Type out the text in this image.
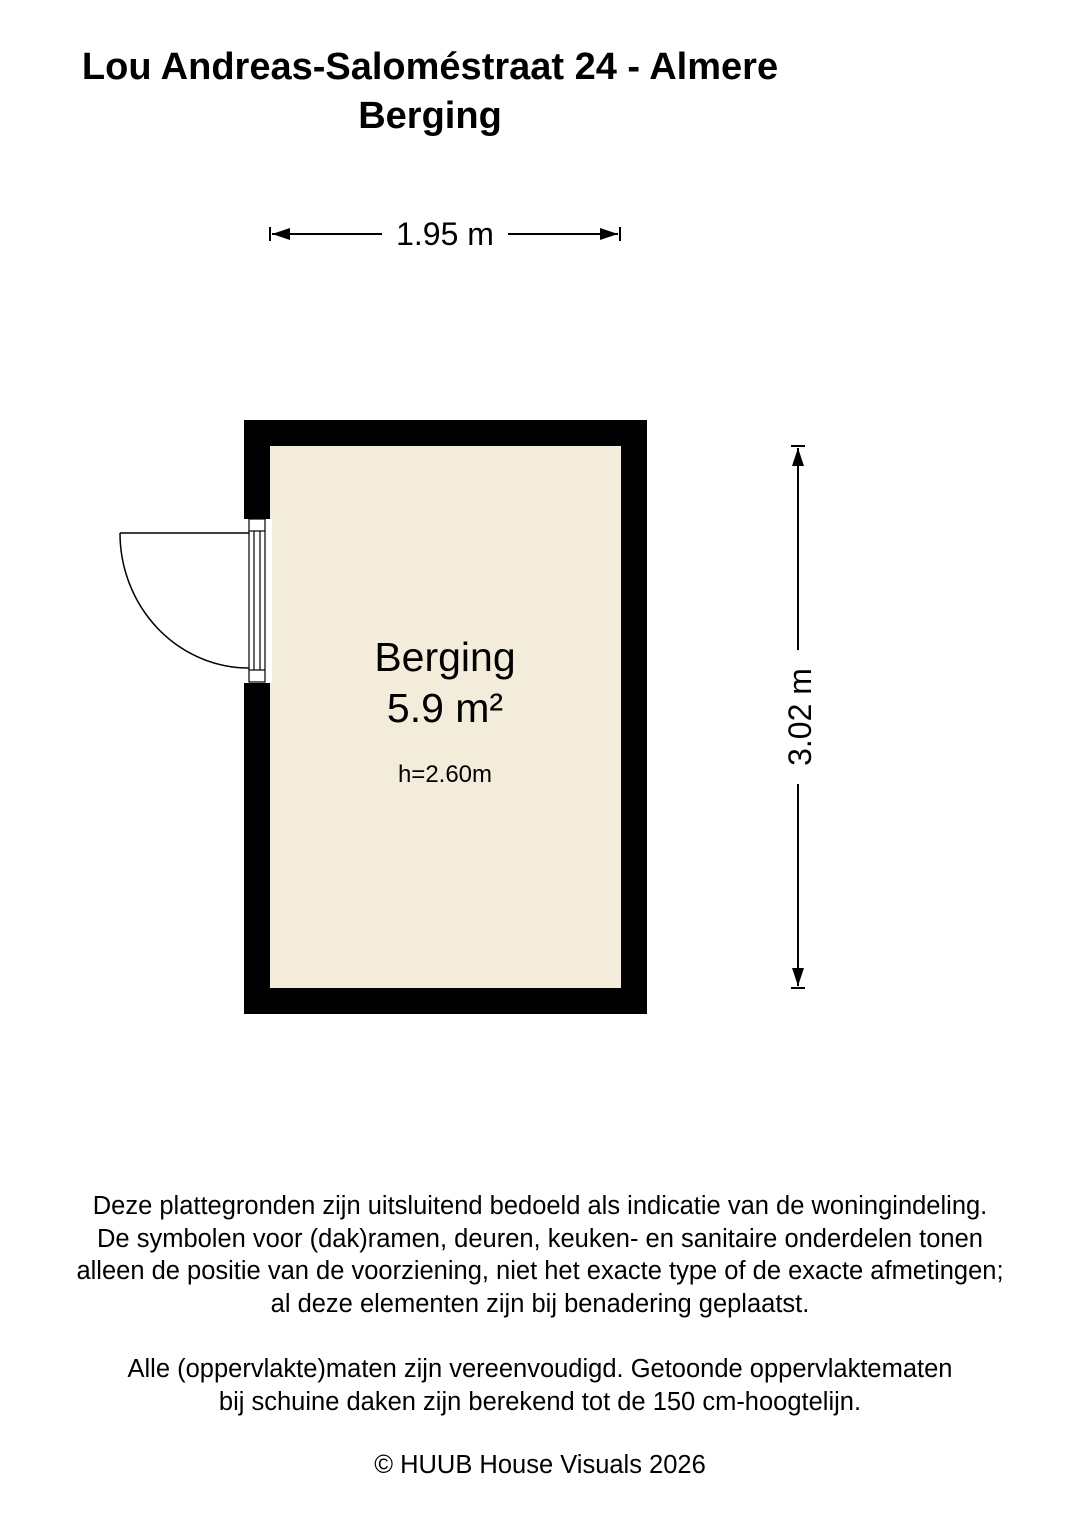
Lou Andreas-Saloméstraat 24 - Almere
Berging
1.95 m
Berging
5.9 m²
h=2.60m
3.02 m

Deze plattegronden zijn uitsluitend bedoeld als indicatie van de woningindeling.
De symbolen voor (dak)ramen, deuren, keuken- en sanitaire onderdelen tonen
alleen de positie van de voorziening, niet het exacte type of de exacte afmetingen;
al deze elementen zijn bij benadering geplaatst.

Alle (oppervlakte)maten zijn vereenvoudigd. Getoonde oppervlaktematen
bij schuine daken zijn berekend tot de 150 cm-hoogtelijn.

© HUUB House Visuals 2026
